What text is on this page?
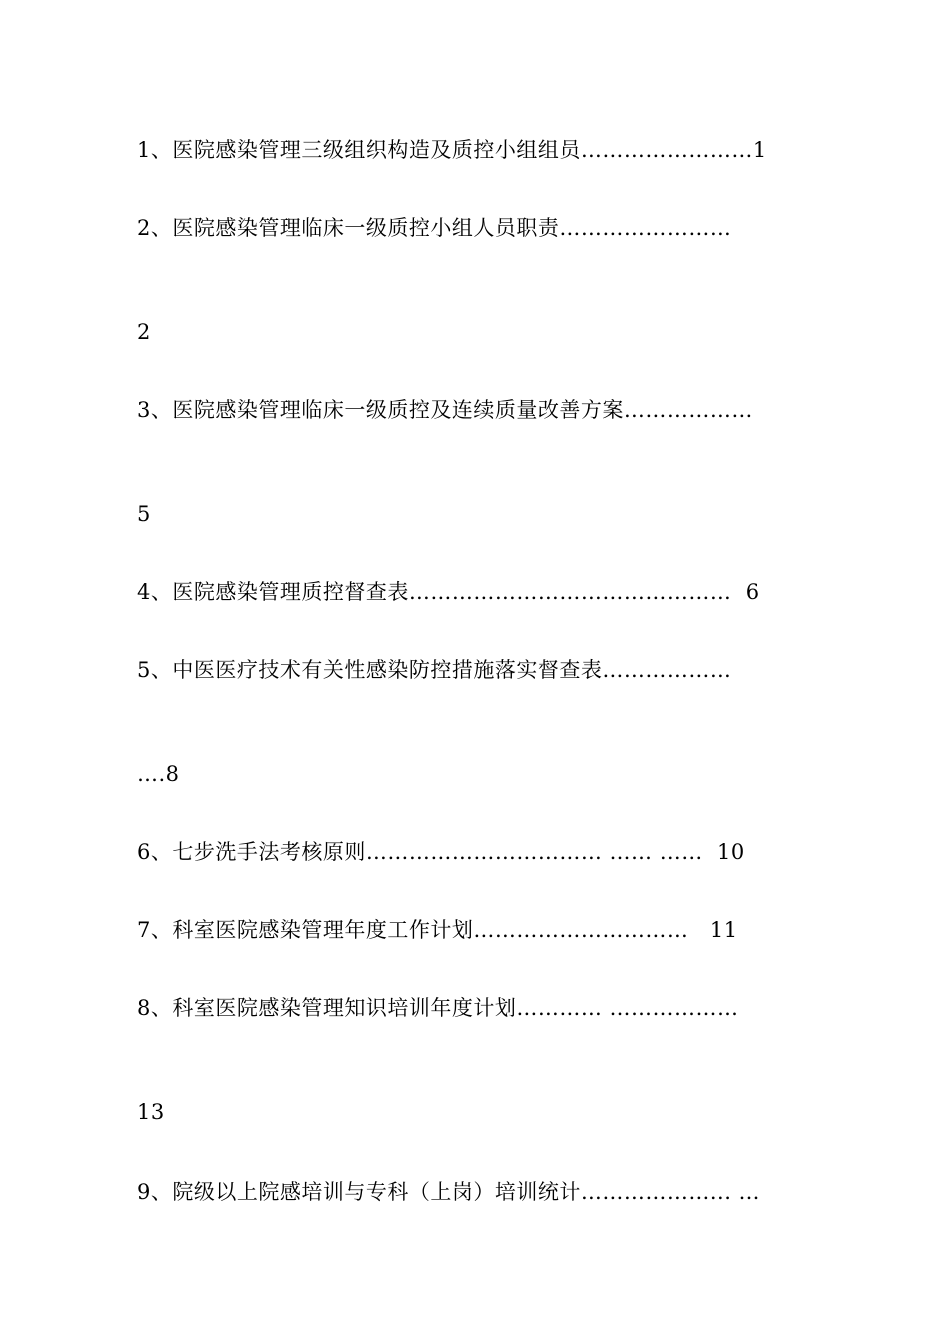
1、医院感染管理三级组织构造及质控小组组员……………………1
2、医院感染管理临床一级质控小组人员职责……………………
2
3、医院感染管理临床一级质控及连续质量改善方案………………
5
4、医院感染管理质控督查表………………………………………  6
5、中医医疗技术有关性感染防控措施落实督查表………………
….8
6、七步洗手法考核原则…………………………… …… ……  10
7、科室医院感染管理年度工作计划…………………………   11
8、科室医院感染管理知识培训年度计划………… ………………
13
9、院级以上院感培训与专科（上岗）培训统计………………... …
